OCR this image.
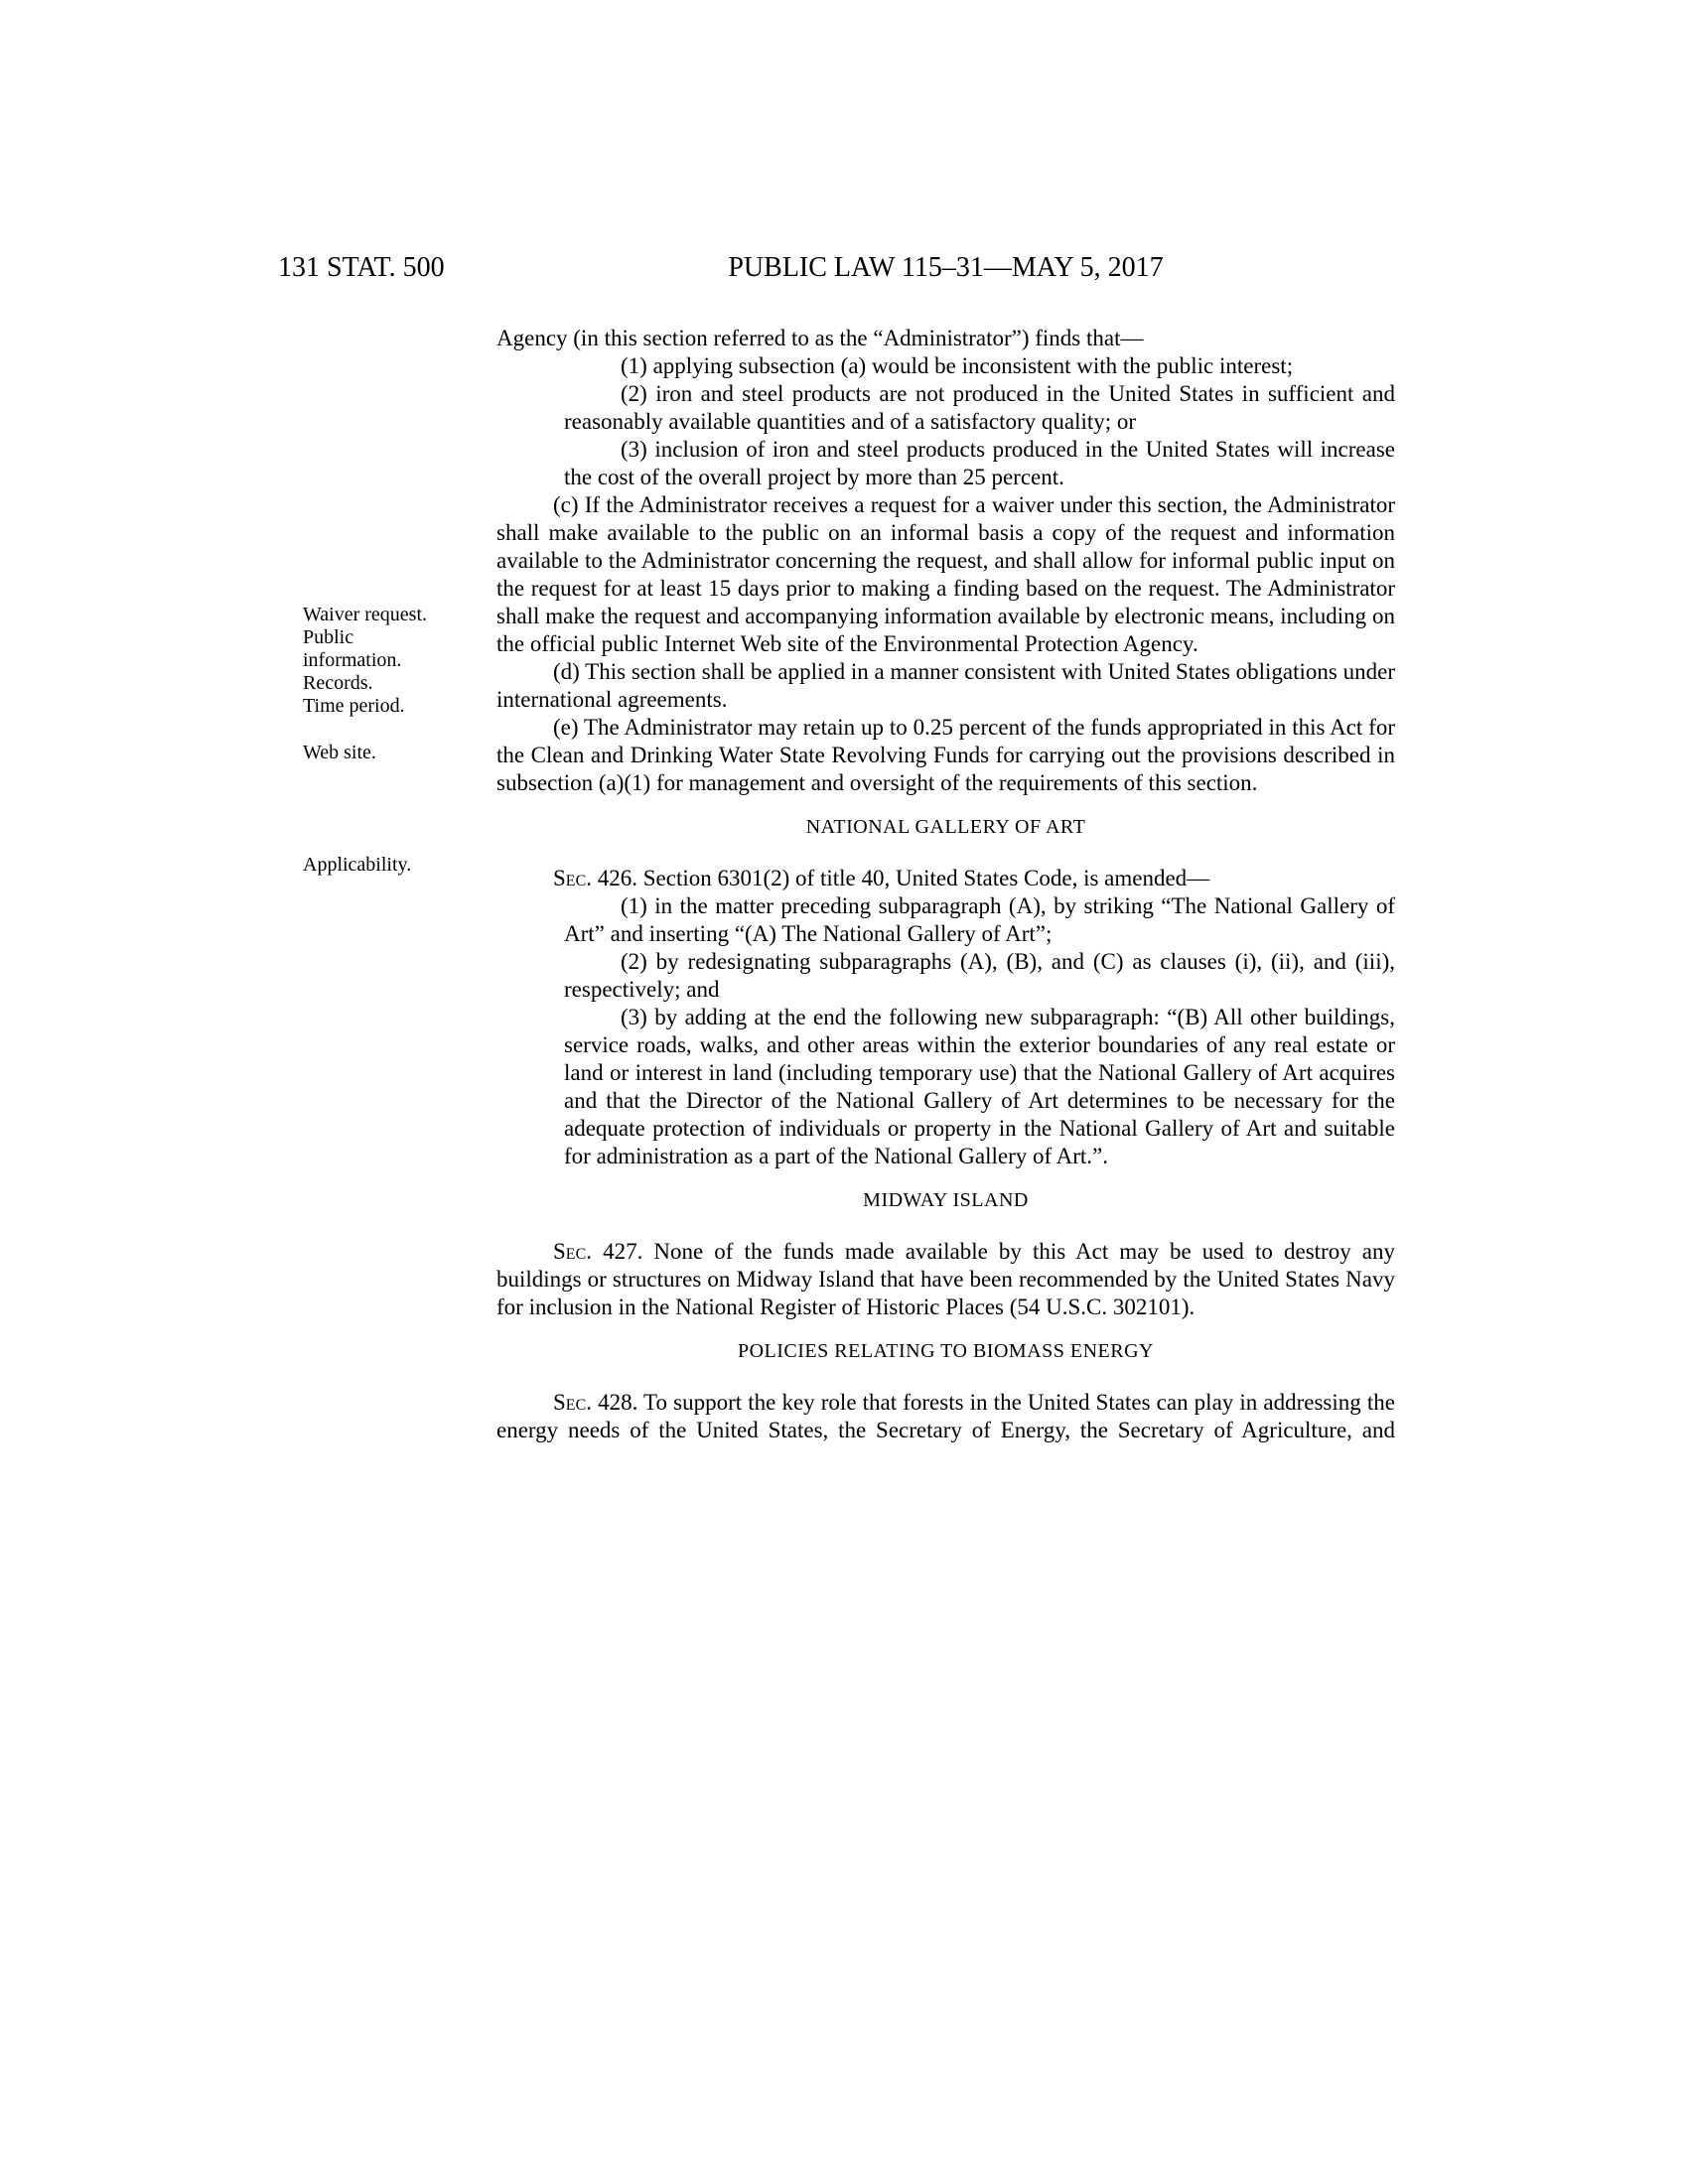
131 STAT. 500	PUBLIC LAW 115–31—MAY 5, 2017
Waiver request.
Public
information.
Records.
Time period.
Web site.
Applicability.

Agency (in this section referred to as the “Administrator”) finds that—

(1) applying subsection (a) would be inconsistent with the public interest;

(2) iron and steel products are not produced in the United States in sufficient and reasonably available quantities and of a satisfactory quality; or

(3) inclusion of iron and steel products produced in the United States will increase the cost of the overall project by more than 25 percent.

(c) If the Administrator receives a request for a waiver under this section, the Administrator shall make available to the public on an informal basis a copy of the request and information available to the Administrator concerning the request, and shall allow for informal public input on the request for at least 15 days prior to making a finding based on the request. The Administrator shall make the request and accompanying information available by electronic means, including on the official public Internet Web site of the Environmental Protection Agency.

(d) This section shall be applied in a manner consistent with United States obligations under international agreements.

(e) The Administrator may retain up to 0.25 percent of the funds appropriated in this Act for the Clean and Drinking Water State Revolving Funds for carrying out the provisions described in subsection (a)(1) for management and oversight of the requirements of this section.

NATIONAL GALLERY OF ART

Sec. 426. Section 6301(2) of title 40, United States Code, is amended—

(1) in the matter preceding subparagraph (A), by striking “The National Gallery of Art” and inserting “(A) The National Gallery of Art”;

(2) by redesignating subparagraphs (A), (B), and (C) as clauses (i), (ii), and (iii), respectively; and

(3) by adding at the end the following new subparagraph: “(B) All other buildings, service roads, walks, and other areas within the exterior boundaries of any real estate or land or interest in land (including temporary use) that the National Gallery of Art acquires and that the Director of the National Gallery of Art determines to be necessary for the adequate protection of individuals or property in the National Gallery of Art and suitable for administration as a part of the National Gallery of Art.”.

MIDWAY ISLAND

Sec. 427. None of the funds made available by this Act may be used to destroy any buildings or structures on Midway Island that have been recommended by the United States Navy for inclusion in the National Register of Historic Places (54 U.S.C. 302101).

POLICIES RELATING TO BIOMASS ENERGY

Sec. 428. To support the key role that forests in the United States can play in addressing the energy needs of the United States, the Secretary of Energy, the Secretary of Agriculture, and
